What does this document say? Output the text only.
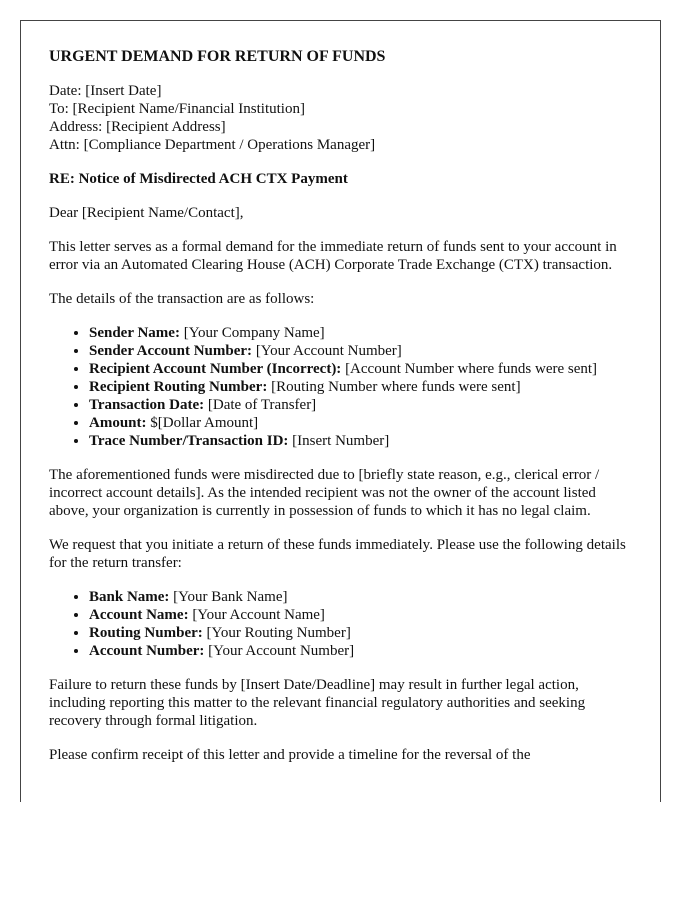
URGENT DEMAND FOR RETURN OF FUNDS

Date: [Insert Date]
To: [Recipient Name/Financial Institution]
Address: [Recipient Address]
Attn: [Compliance Department / Operations Manager]

RE: Notice of Misdirected ACH CTX Payment

Dear [Recipient Name/Contact],

This letter serves as a formal demand for the immediate return of funds sent to your account in error via an Automated Clearing House (ACH) Corporate Trade Exchange (CTX) transaction.

The details of the transaction are as follows:

• Sender Name: [Your Company Name]
• Sender Account Number: [Your Account Number]
• Recipient Account Number (Incorrect): [Account Number where funds were sent]
• Recipient Routing Number: [Routing Number where funds were sent]
• Transaction Date: [Date of Transfer]
• Amount: $[Dollar Amount]
• Trace Number/Transaction ID: [Insert Number]

The aforementioned funds were misdirected due to [briefly state reason, e.g., clerical error / incorrect account details]. As the intended recipient was not the owner of the account listed above, your organization is currently in possession of funds to which it has no legal claim.

We request that you initiate a return of these funds immediately. Please use the following details for the return transfer:

• Bank Name: [Your Bank Name]
• Account Name: [Your Account Name]
• Routing Number: [Your Routing Number]
• Account Number: [Your Account Number]

Failure to return these funds by [Insert Date/Deadline] may result in further legal action, including reporting this matter to the relevant financial regulatory authorities and seeking recovery through formal litigation.

Please confirm receipt of this letter and provide a timeline for the reversal of the
